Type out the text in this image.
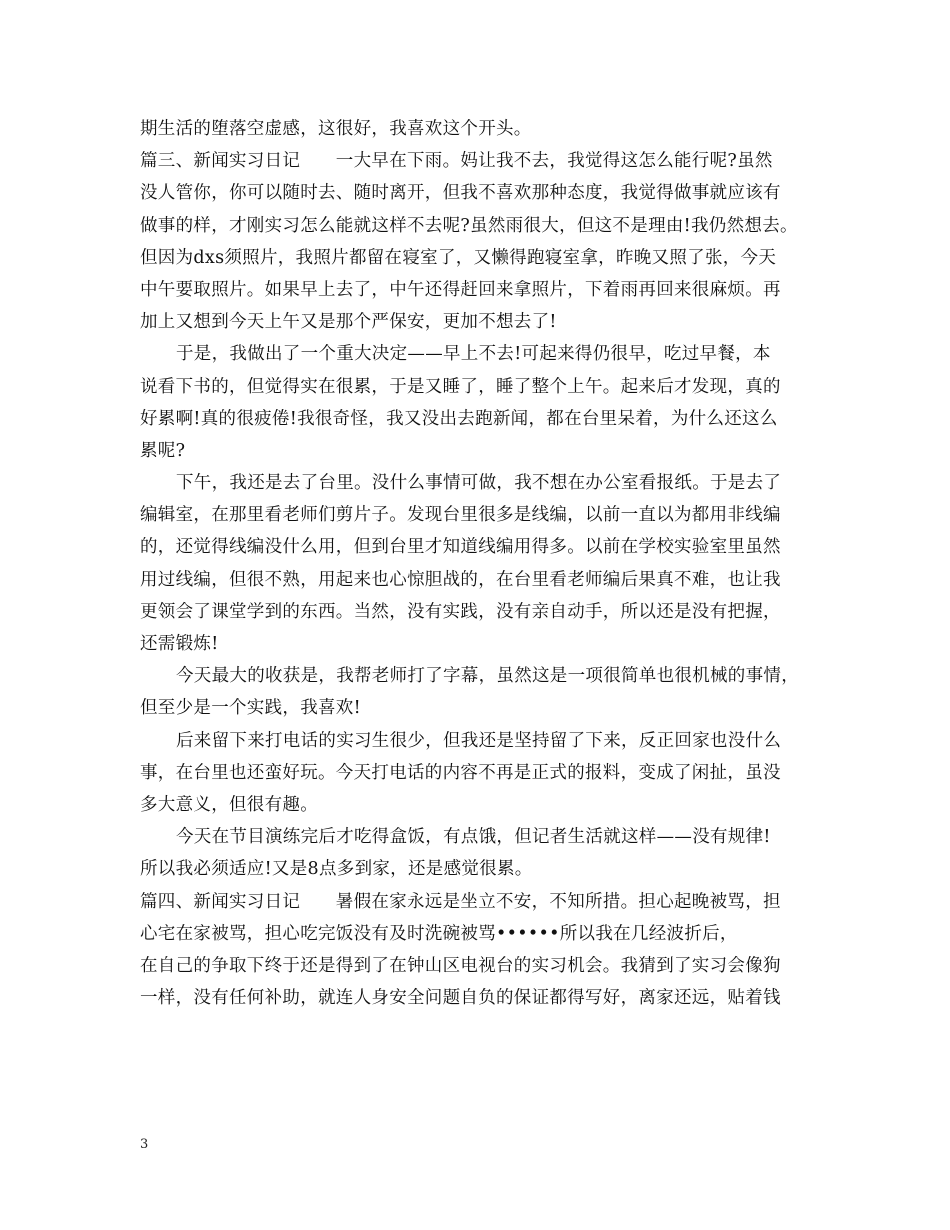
期生活的堕落空虚感，这很好，我喜欢这个开头。
篇三、新闻实习日记　　一大早在下雨。妈让我不去，我觉得这怎么能行呢?虽然
没人管你，你可以随时去、随时离开，但我不喜欢那种态度，我觉得做事就应该有
做事的样，才刚实习怎么能就这样不去呢?虽然雨很大，但这不是理由!我仍然想去。
但因为dxs须照片，我照片都留在寝室了，又懒得跑寝室拿，昨晚又照了张，今天
中午要取照片。如果早上去了，中午还得赶回来拿照片，下着雨再回来很麻烦。再
加上又想到今天上午又是那个严保安，更加不想去了!
于是，我做出了一个重大决定——早上不去!可起来得仍很早，吃过早餐，本
说看下书的，但觉得实在很累，于是又睡了，睡了整个上午。起来后才发现，真的
好累啊!真的很疲倦!我很奇怪，我又没出去跑新闻，都在台里呆着，为什么还这么
累呢?
下午，我还是去了台里。没什么事情可做，我不想在办公室看报纸。于是去了
编辑室，在那里看老师们剪片子。发现台里很多是线编，以前一直以为都用非线编
的，还觉得线编没什么用，但到台里才知道线编用得多。以前在学校实验室里虽然
用过线编，但很不熟，用起来也心惊胆战的，在台里看老师编后果真不难，也让我
更领会了课堂学到的东西。当然，没有实践，没有亲自动手，所以还是没有把握，
还需锻炼!
今天最大的收获是，我帮老师打了字幕，虽然这是一项很简单也很机械的事情，
但至少是一个实践，我喜欢!
后来留下来打电话的实习生很少，但我还是坚持留了下来，反正回家也没什么
事，在台里也还蛮好玩。今天打电话的内容不再是正式的报料，变成了闲扯，虽没
多大意义，但很有趣。
今天在节目演练完后才吃得盒饭，有点饿，但记者生活就这样——没有规律!
所以我必须适应!又是8点多到家，还是感觉很累。
篇四、新闻实习日记　　暑假在家永远是坐立不安，不知所措。担心起晚被骂，担
心宅在家被骂，担心吃完饭没有及时洗碗被骂••••••所以我在几经波折后，
在自己的争取下终于还是得到了在钟山区电视台的实习机会。我猜到了实习会像狗
一样，没有任何补助，就连人身安全问题自负的保证都得写好，离家还远，贴着钱
3
